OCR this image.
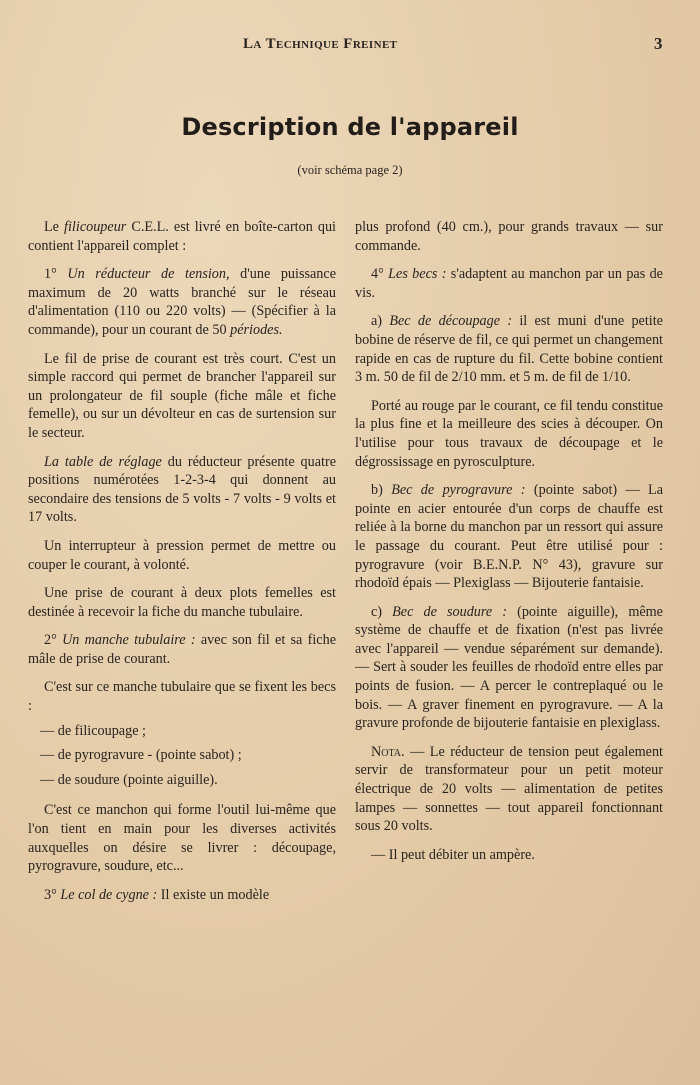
La Technique Freinet	3
Description de l'appareil
(voir schéma page 2)

Le filicoupeur C.E.L. est livré en boîte-carton qui contient l'appareil complet :

1° Un réducteur de tension, d'une puissance maximum de 20 watts branché sur le réseau d'alimentation (110 ou 220 volts) — (Spécifier à la commande), pour un courant de 50 périodes.

Le fil de prise de courant est très court. C'est un simple raccord qui permet de brancher l'appareil sur un prolongateur de fil souple (fiche mâle et fiche femelle), ou sur un dévolteur en cas de surtension sur le secteur.

La table de réglage du réducteur présente quatre positions numérotées 1-2-3-4 qui donnent au secondaire des tensions de 5 volts - 7 volts - 9 volts et 17 volts.

Un interrupteur à pression permet de mettre ou couper le courant, à volonté.

Une prise de courant à deux plots femelles est destinée à recevoir la fiche du manche tubulaire.

2° Un manche tubulaire : avec son fil et sa fiche mâle de prise de courant.

C'est sur ce manche tubulaire que se fixent les becs :

— de filicoupage ;

— de pyrogravure - (pointe sabot) ;

— de soudure (pointe aiguille).

C'est ce manchon qui forme l'outil lui-même que l'on tient en main pour les diverses activités auxquelles on désire se livrer : découpage, pyrogravure, soudure, etc...

3° Le col de cygne : Il existe un modèle

plus profond (40 cm.), pour grands travaux — sur commande.

4° Les becs : s'adaptent au manchon par un pas de vis.

a) Bec de découpage : il est muni d'une petite bobine de réserve de fil, ce qui permet un changement rapide en cas de rupture du fil. Cette bobine contient 3 m. 50 de fil de 2/10 mm. et 5 m. de fil de 1/10.

Porté au rouge par le courant, ce fil tendu constitue la plus fine et la meilleure des scies à découper. On l'utilise pour tous travaux de découpage et le dégrossissage en pyrosculpture.

b) Bec de pyrogravure : (pointe sabot) — La pointe en acier entourée d'un corps de chauffe est reliée à la borne du manchon par un ressort qui assure le passage du courant. Peut être utilisé pour : pyrogravure (voir B.E.N.P. N° 43), gravure sur rhodoïd épais — Plexiglass — Bijouterie fantaisie.

c) Bec de soudure : (pointe aiguille), même système de chauffe et de fixation (n'est pas livrée avec l'appareil — vendue séparément sur demande). — Sert à souder les feuilles de rhodoïd entre elles par points de fusion. — A percer le contreplaqué ou le bois. — A graver finement en pyrogravure. — A la gravure profonde de bijouterie fantaisie en plexiglass.

Nota. — Le réducteur de tension peut également servir de transformateur pour un petit moteur électrique de 20 volts — alimentation de petites lampes — sonnettes — tout appareil fonctionnant sous 20 volts.

— Il peut débiter un ampère.
